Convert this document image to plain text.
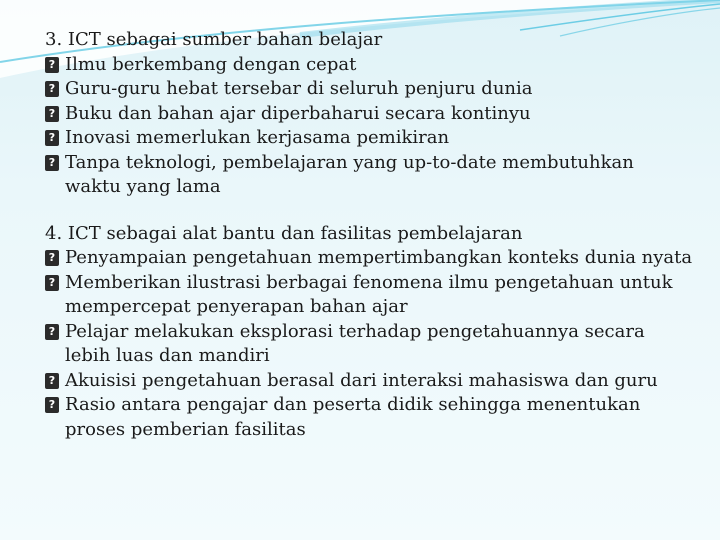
3. ICT sebagai sumber bahan belajar
? Ilmu berkembang dengan cepat
? Guru-guru hebat tersebar di seluruh penjuru dunia
? Buku dan bahan ajar diperbaharui secara kontinyu
? Inovasi memerlukan kerjasama pemikiran
? Tanpa teknologi, pembelajaran yang up-to-date membutuhkan waktu yang lama
4. ICT sebagai alat bantu dan fasilitas pembelajaran
? Penyampaian pengetahuan mempertimbangkan konteks dunia nyata
? Memberikan ilustrasi berbagai fenomena ilmu pengetahuan untuk mempercepat penyerapan bahan ajar
? Pelajar melakukan eksplorasi terhadap pengetahuannya secara lebih luas dan mandiri
? Akuisisi pengetahuan berasal dari interaksi mahasiswa dan guru
? Rasio antara pengajar dan peserta didik sehingga menentukan proses pemberian fasilitas
